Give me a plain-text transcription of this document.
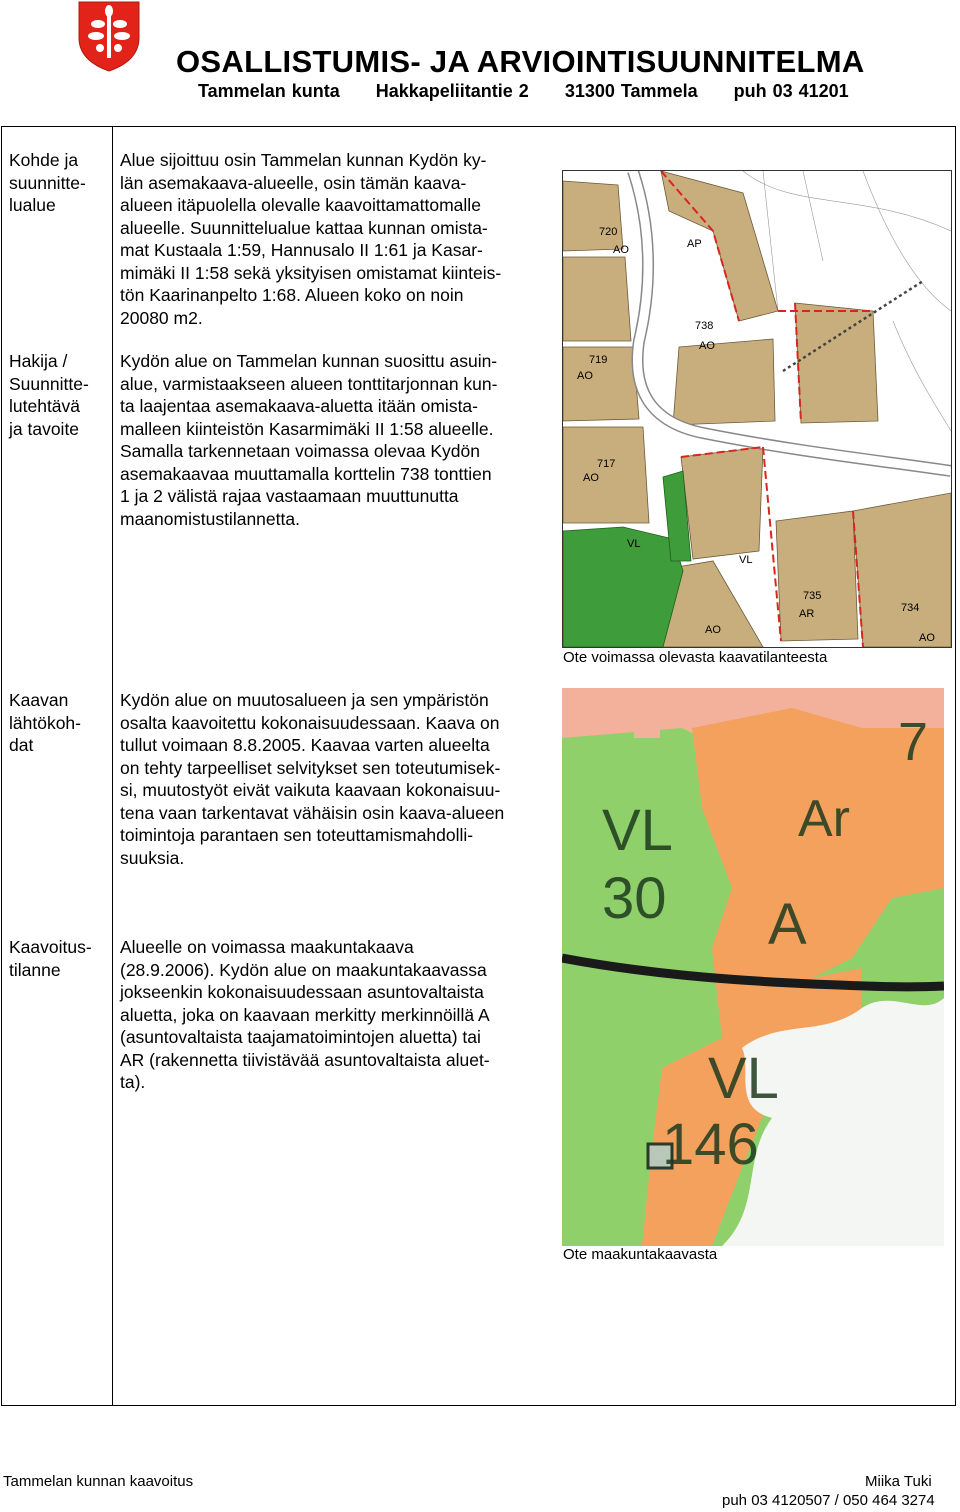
OSALLISTUMIS- JA ARVIOINTISUUNNITELMA
Tammelan kunta Hakkapeliitantie 2 31300 Tammela puh 03 41201
Kohde ja
suunnitte-
lualue
Alue sijoittuu osin Tammelan kunnan Kydön ky-
län asemakaava-alueelle, osin tämän kaava-
alueen itäpuolella olevalle kaavoittamattomalle
alueelle. Suunnittelualue kattaa kunnan omista-
mat Kustaala 1:59, Hannusalo II 1:61 ja Kasar-
mimäki II 1:58 sekä yksityisen omistamat kiinteis-
tön Kaarinanpelto 1:68. Alueen koko on noin
20080 m2.
Hakija /
Suunnitte-
lutehtävä
ja tavoite
Kydön alue on Tammelan kunnan suosittu asuin-
alue, varmistaakseen alueen tonttitarjonnan kun-
ta laajentaa asemakaava-aluetta itään omista-
malleen kiinteistön Kasarmimäki II 1:58 alueelle.
Samalla tarkennetaan voimassa olevaa Kydön
asemakaavaa muuttamalla korttelin 738 tonttien
1 ja 2 välistä rajaa vastaamaan muuttunutta
maanomistustilannetta.
720
AO	AP
738
AO
719
AO
717
AO
VL
VL
735
AR	734
AO
AO
Ote voimassa olevasta kaavatilanteesta
Kaavan
lähtökoh-
dat
Kydön alue on muutosalueen ja sen ympäristön
osalta kaavoitettu kokonaisuudessaan. Kaava on
tullut voimaan 8.8.2005. Kaavaa varten alueelta
on tehty tarpeelliset selvitykset sen toteutumisek-
si, muutostyöt eivät vaikuta kaavaan kokonaisuu-
tena vaan tarkentavat vähäisin osin kaava-alueen
toimintoja parantaen sen toteuttamismahdolli-
suuksia.
7
Ar
VL
30 A
VL
146
Ote maakuntakaavasta
Kaavoitus-
tilanne
Alueelle on voimassa maakuntakaava
(28.9.2006). Kydön alue on maakuntakaavassa
jokseenkin kokonaisuudessaan asuntovaltaista
aluetta, joka on kaavaan merkitty merkinnöillä A
(asuntovaltaista taajamatoimintojen aluetta) tai
AR (rakennetta tiivistävää asuntovaltaista aluet-
ta).
Tammelan kunnan kaavoitus	Miika Tuki
puh 03 4120507 / 050 464 3274
